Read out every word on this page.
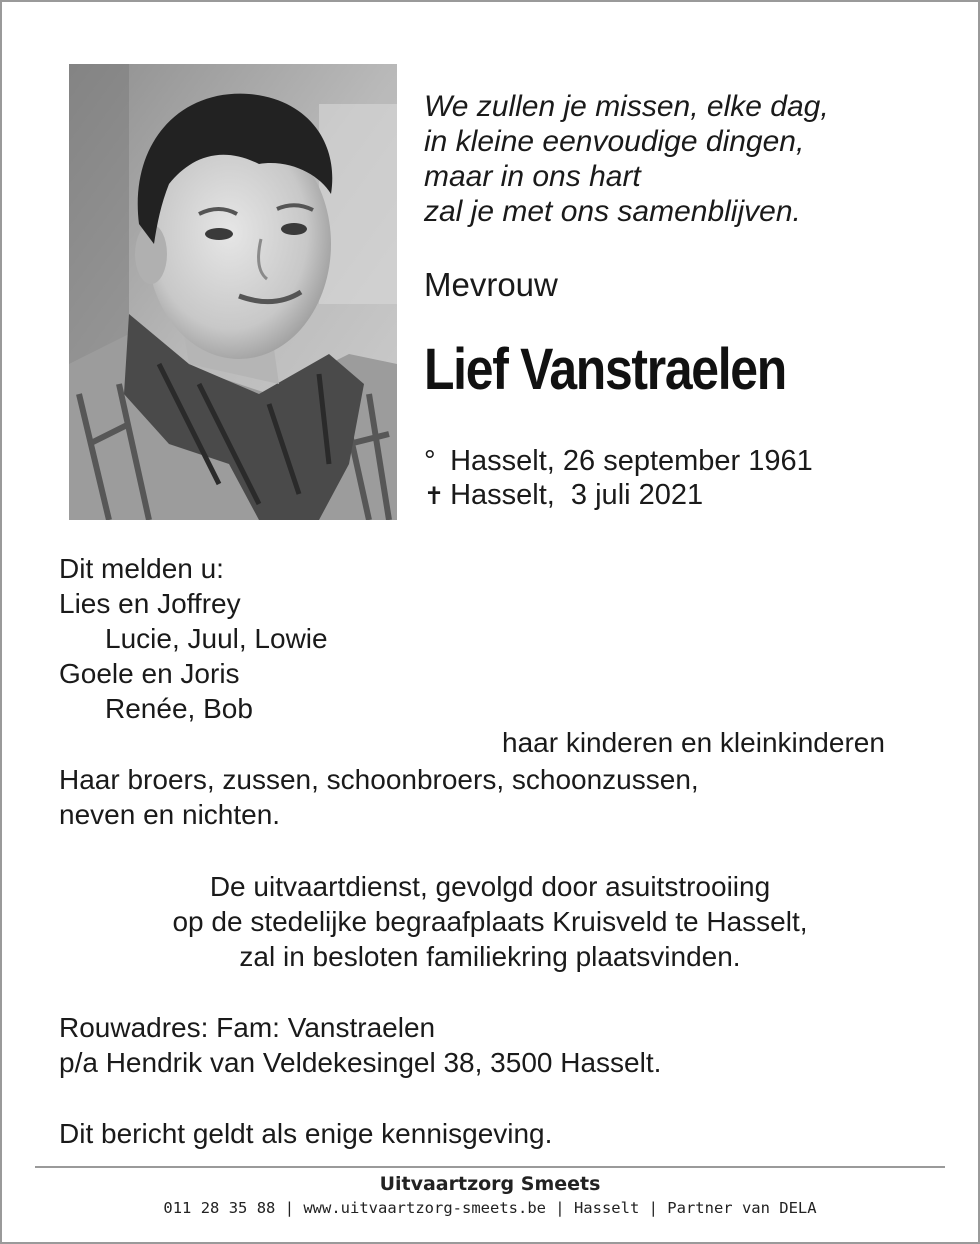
We zullen je missen, elke dag,
in kleine eenvoudige dingen,
maar in ons hart
zal je met ons samenblijven.
Mevrouw
Lief Vanstraelen
° Hasselt, 26 september 1961
✝ Hasselt,  3 juli 2021
Dit melden u:
Lies en Joffrey
Lucie, Juul, Lowie
Goele en Joris
Renée, Bob
haar kinderen en kleinkinderen
Haar broers, zussen, schoonbroers, schoonzussen,
neven en nichten.
De uitvaartdienst, gevolgd door asuitstrooiing
op de stedelijke begraafplaats Kruisveld te Hasselt,
zal in besloten familiekring plaatsvinden.
Rouwadres: Fam: Vanstraelen
p/a Hendrik van Veldekesingel 38, 3500 Hasselt.
Dit bericht geldt als enige kennisgeving.
Uitvaartzorg Smeets
011 28 35 88 | www.uitvaartzorg-smeets.be | Hasselt | Partner van DELA
